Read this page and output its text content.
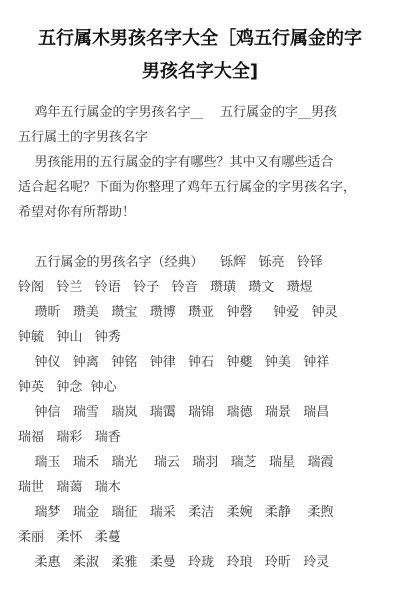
五行属木男孩名字大全［鸡五行属金的字
男孩名字大全]
鸡年五行属金的字男孩名字__    五行属金的字__男孩
五行属土的字男孩名字
男孩能用的五行属金的字有哪些？其中又有哪些适合
适合起名呢？下面为你整理了鸡年五行属金的字男孩名字，
希望对你有所帮助！
五行属金的男孩名字（经典）    铄辉   铄亮   铃铎
铃阁   铃兰   铃语   铃子   铃音   瓒璜   瓒文   瓒煜
瓒昕   瓒美   瓒宝   瓒博   瓒亚   钟磬     钟爱   钟灵
钟毓   钟山   钟秀
钟仪   钟离   钟铭   钟律   钟石   钟夔   钟美   钟祥
钟英   钟念  钟心
钟信   瑞雪   瑞岚   瑞霭   瑞锦   瑞德   瑞景   瑞昌
瑞福   瑞彩   瑞香
瑞玉   瑞禾   瑞光    瑞云   瑞羽   瑞芝   瑞星   瑞霞
瑞世   瑞蔼   瑞木
瑞梦   瑞金   瑞征   瑞采   柔洁   柔婉   柔静    柔煦
柔丽   柔怀   柔蔓
柔惠   柔淑   柔雅   柔曼   玲珑   玲琅   玲昕   玲灵
